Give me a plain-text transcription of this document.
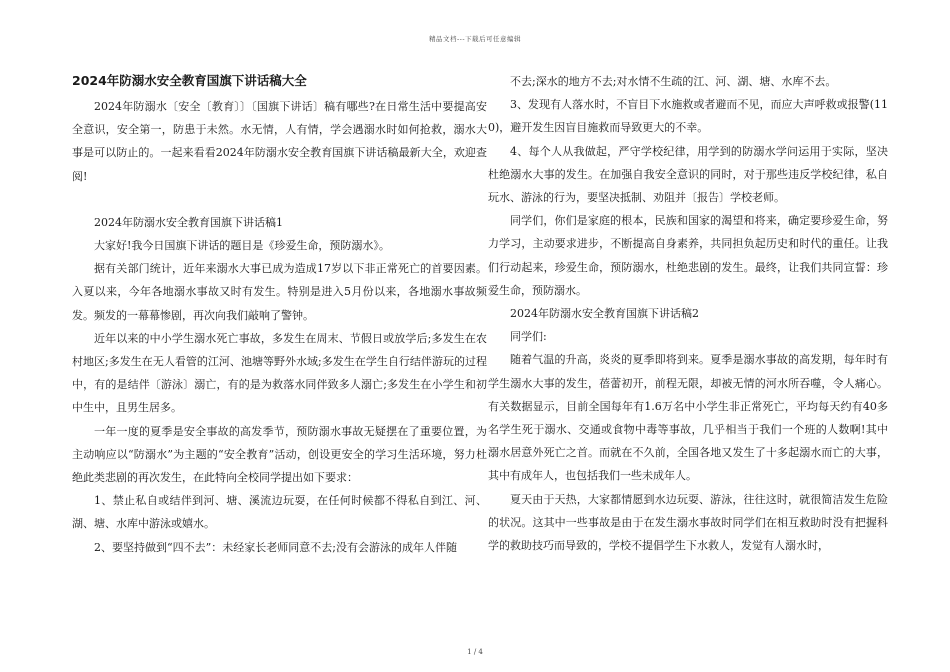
精品文档---下载后可任意编辑
2024年防溺水安全教育国旗下讲话稿大全

2024年防溺水〔安全〔教育〕〕〔国旗下讲话〕稿有哪些?在日常生活中要提高安全意识，安全第一，防患于未然。水无情，人有情，学会遇溺水时如何抢救，溺水大事是可以防止的。一起来看看2024年防溺水安全教育国旗下讲话稿最新大全，欢迎查阅!

2024年防溺水安全教育国旗下讲话稿1

大家好!我今日国旗下讲话的题目是《珍爱生命，预防溺水》。

据有关部门统计，近年来溺水大事已成为造成17岁以下非正常死亡的首要因素。入夏以来，今年各地溺水事故又时有发生。特别是进入5月份以来，各地溺水事故频发。频发的一幕幕惨剧，再次向我们敲响了警钟。

近年以来的中小学生溺水死亡事故，多发生在周末、节假日或放学后;多发生在农村地区;多发生在无人看管的江河、池塘等野外水域;多发生在学生自行结伴游玩的过程中，有的是结伴〔游泳〕溺亡，有的是为救落水同伴致多人溺亡;多发生在小学生和初中生中，且男生居多。

一年一度的夏季是安全事故的高发季节，预防溺水事故无疑摆在了重要位置，为主动响应以“防溺水”为主题的“安全教育”活动，创设更安全的学习生活环境，努力杜绝此类悲剧的再次发生，在此特向全校同学提出如下要求：

1、禁止私自或结伴到河、塘、溪流边玩耍，在任何时候都不得私自到江、河、湖、塘、水库中游泳或嬉水。

2、要坚持做到“四不去”：未经家长老师同意不去;没有会游泳的成年人伴随

不去;深水的地方不去;对水情不生疏的江、河、湖、塘、水库不去。

3、发现有人落水时，不盲目下水施救或者避而不见，而应大声呼救或报警(110)，避开发生因盲目施救而导致更大的不幸。

4、每个人从我做起，严守学校纪律，用学到的防溺水学问运用于实际，坚决杜绝溺水大事的发生。在加强自我安全意识的同时，对于那些违反学校纪律，私自玩水、游泳的行为，要坚决抵制、劝阻并〔报告〕学校老师。

同学们，你们是家庭的根本，民族和国家的渴望和将来，确定要珍爱生命，努力学习，主动要求进步，不断提高自身素养，共同担负起历史和时代的重任。让我们行动起来，珍爱生命，预防溺水，杜绝悲剧的发生。最终，让我们共同宣誓：珍爱生命，预防溺水。

2024年防溺水安全教育国旗下讲话稿2

同学们:

随着气温的升高，炎炎的夏季即将到来。夏季是溺水事故的高发期，每年时有学生溺水大事的发生，蓓蕾初开，前程无限，却被无情的河水所吞噬，令人痛心。有关数据显示，目前全国每年有1.6万名中小学生非正常死亡，平均每天约有40多名学生死于溺水、交通或食物中毒等事故，几乎相当于我们一个班的人数啊!其中溺水居意外死亡之首。而就在不久前，全国各地又发生了十多起溺水而亡的大事，其中有成年人，也包括我们一些未成年人。

夏天由于天热，大家都情愿到水边玩耍、游泳，往往这时，就很简洁发生危险的状况。这其中一些事故是由于在发生溺水事故时同学们在相互救助时没有把握科学的救助技巧而导致的，学校不提倡学生下水救人，发觉有人溺水时，

1 / 4
